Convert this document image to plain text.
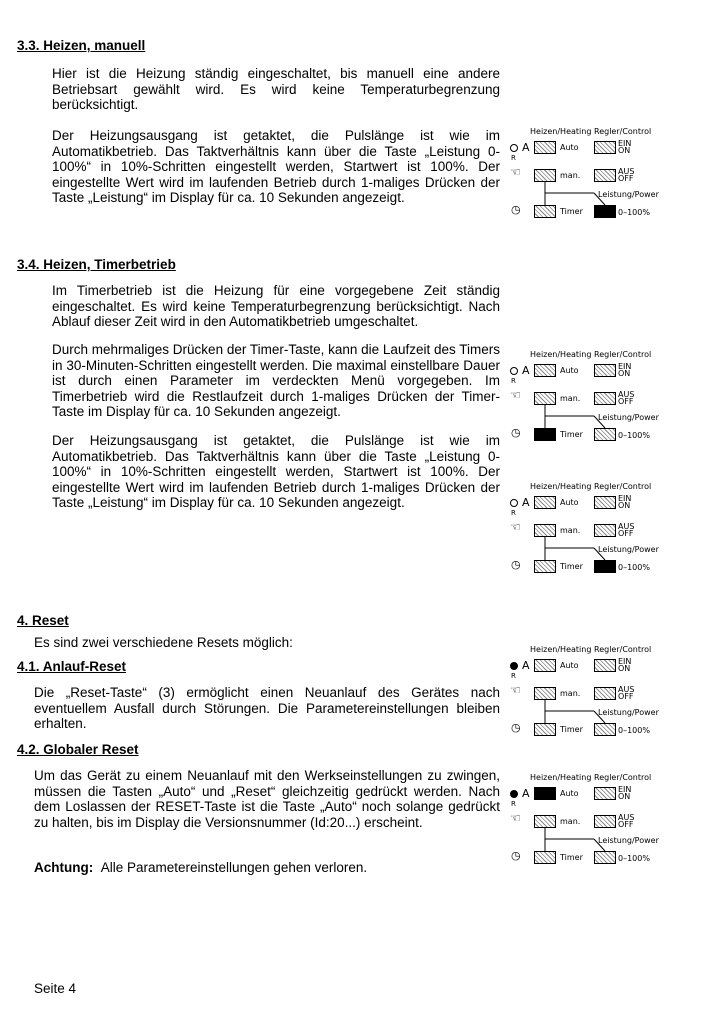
3.3. Heizen, manuell
Hier ist die Heizung ständig eingeschaltet, bis manuell eine andere Betriebsart gewählt wird. Es wird keine Temperaturbegrenzung berücksichtigt.
Der Heizungsausgang ist getaktet, die Pulslänge ist wie im Automatikbetrieb. Das Taktverhältnis kann über die Taste „Leistung 0-100%“ in 10%-Schritten eingestellt werden, Startwert ist 100%. Der eingestellte Wert wird im laufenden Betrieb durch 1-maliges Drücken der Taste „Leistung“ im Display für ca. 10 Sekunden angezeigt.
3.4. Heizen, Timerbetrieb
Im Timerbetrieb ist die Heizung für eine vorgegebene Zeit ständig eingeschaltet. Es wird keine Temperaturbegrenzung berücksichtigt. Nach Ablauf dieser Zeit wird in den Automatikbetrieb umgeschaltet.
Durch mehrmaliges Drücken der Timer-Taste, kann die Laufzeit des Timers in 30-Minuten-Schritten eingestellt werden. Die maximal einstellbare Dauer ist durch einen Parameter im verdeckten Menü vorgegeben. Im Timerbetrieb wird die Restlaufzeit durch 1-maliges Drücken der Timer-Taste im Display für ca. 10 Sekunden angezeigt.
Der Heizungsausgang ist getaktet, die Pulslänge ist wie im Automatikbetrieb. Das Taktverhältnis kann über die Taste „Leistung 0-100%“ in 10%-Schritten eingestellt werden, Startwert ist 100%. Der eingestellte Wert wird im laufenden Betrieb durch 1-maliges Drücken der Taste „Leistung“ im Display für ca. 10 Sekunden angezeigt.
4. Reset
Es sind zwei verschiedene Resets möglich:
4.1. Anlauf-Reset
Die „Reset-Taste“ (3) ermöglicht einen Neuanlauf des Gerätes nach eventuellem Ausfall durch Störungen. Die Parametereinstellungen bleiben erhalten.
4.2. Globaler Reset
Um das Gerät zu einem Neuanlauf mit den Werkseinstellungen zu zwingen, müssen die Tasten „Auto“ und „Reset“ gleichzeitig gedrückt werden. Nach dem Loslassen der RESET-Taste ist die Taste „Auto“ noch solange gedrückt zu halten, bis im Display die Versionsnummer (Id:20...) erscheint.
Achtung: Alle Parametereinstellungen gehen verloren.
Seite 4
Heizen/Heating Regler/Control
R
A	Auto	EIN
ON
☜	man.	AUS
OFF
Leistung/Power
◷	Timer	0–100%
Heizen/Heating Regler/Control
R
A	Auto	EIN
ON
☜	man.	AUS
OFF
Leistung/Power
◷	Timer	0–100%
Heizen/Heating Regler/Control
R
A	Auto	EIN
ON
☜	man.	AUS
OFF
Leistung/Power
◷	Timer	0–100%
Heizen/Heating Regler/Control
R
A	Auto	EIN
ON
☜	man.	AUS
OFF
Leistung/Power
◷	Timer	0–100%
Heizen/Heating Regler/Control
R
A	Auto	EIN
ON
☜	man.	AUS
OFF
Leistung/Power
◷	Timer	0–100%
